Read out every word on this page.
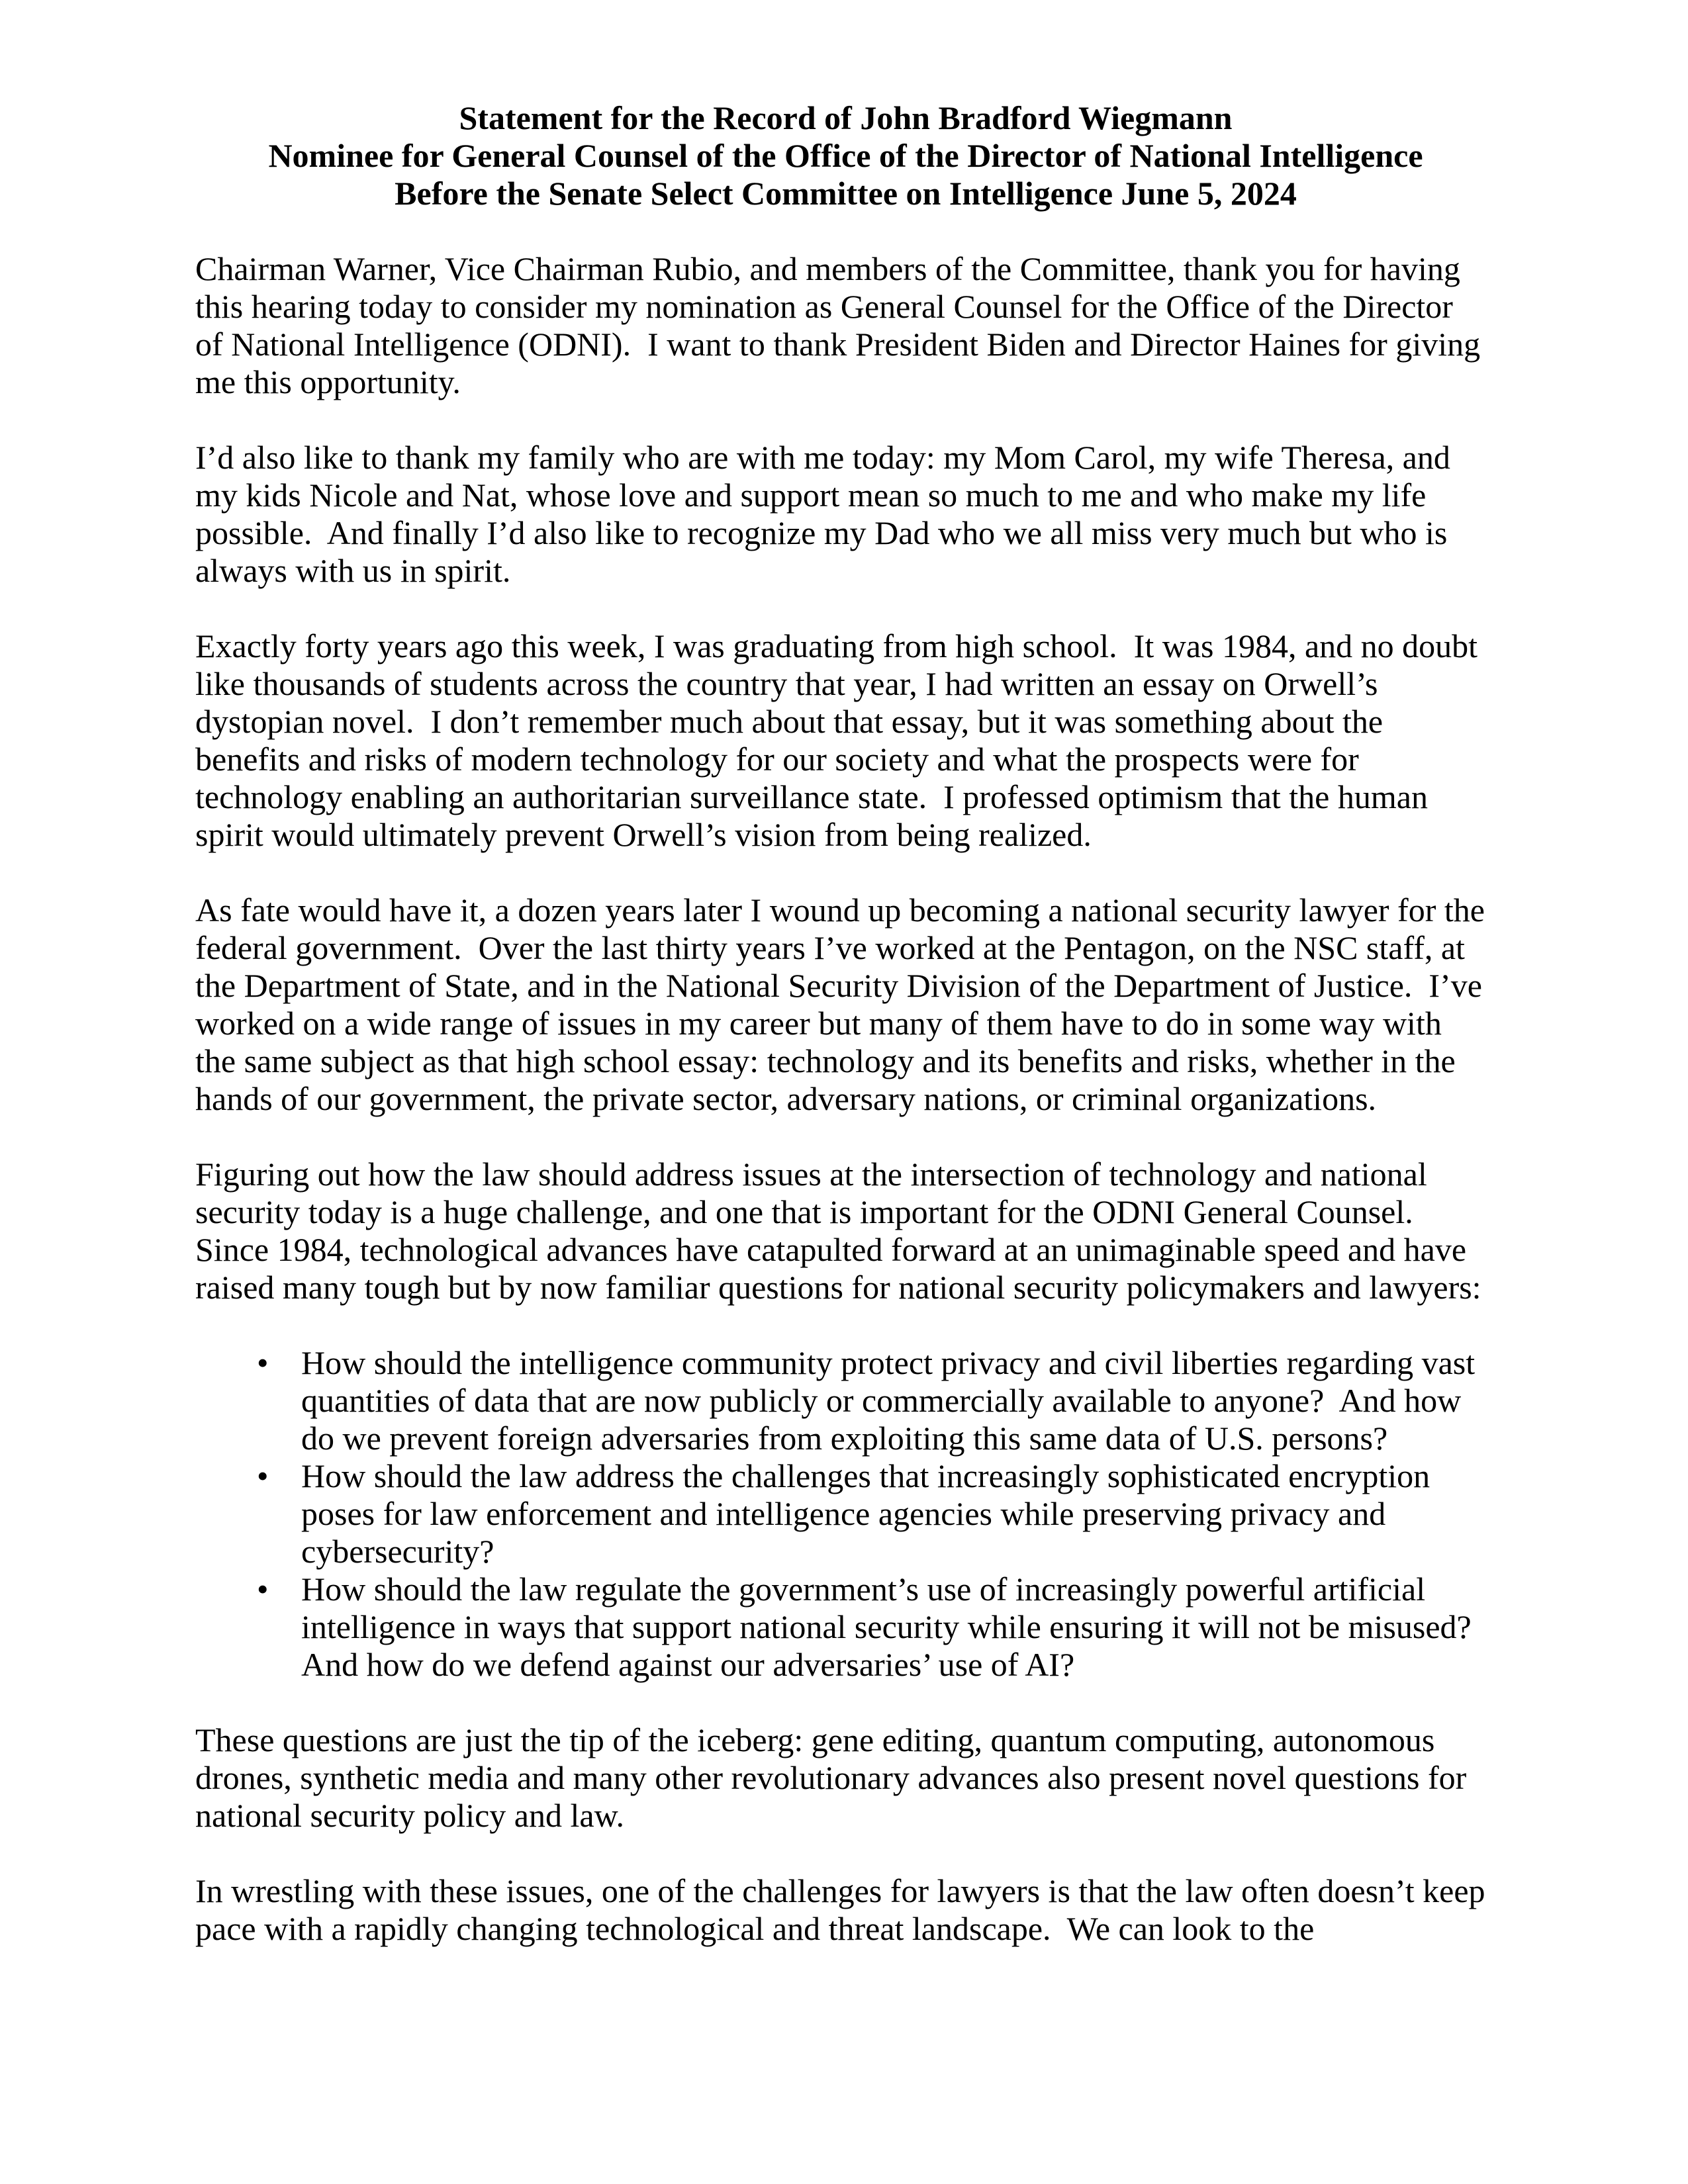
Statement for the Record of John Bradford Wiegmann
Nominee for General Counsel of the Office of the Director of National Intelligence
Before the Senate Select Committee on Intelligence June 5, 2024
Chairman Warner, Vice Chairman Rubio, and members of the Committee, thank you for having
this hearing today to consider my nomination as General Counsel for the Office of the Director
of National Intelligence (ODNI).  I want to thank President Biden and Director Haines for giving
me this opportunity.
I’d also like to thank my family who are with me today: my Mom Carol, my wife Theresa, and
my kids Nicole and Nat, whose love and support mean so much to me and who make my life
possible.  And finally I’d also like to recognize my Dad who we all miss very much but who is
always with us in spirit.
Exactly forty years ago this week, I was graduating from high school.  It was 1984, and no doubt
like thousands of students across the country that year, I had written an essay on Orwell’s
dystopian novel.  I don’t remember much about that essay, but it was something about the
benefits and risks of modern technology for our society and what the prospects were for
technology enabling an authoritarian surveillance state.  I professed optimism that the human
spirit would ultimately prevent Orwell’s vision from being realized.
As fate would have it, a dozen years later I wound up becoming a national security lawyer for the
federal government.  Over the last thirty years I’ve worked at the Pentagon, on the NSC staff, at
the Department of State, and in the National Security Division of the Department of Justice.  I’ve
worked on a wide range of issues in my career but many of them have to do in some way with
the same subject as that high school essay: technology and its benefits and risks, whether in the
hands of our government, the private sector, adversary nations, or criminal organizations.
Figuring out how the law should address issues at the intersection of technology and national
security today is a huge challenge, and one that is important for the ODNI General Counsel.
Since 1984, technological advances have catapulted forward at an unimaginable speed and have
raised many tough but by now familiar questions for national security policymakers and lawyers:
• How should the intelligence community protect privacy and civil liberties regarding vast
quantities of data that are now publicly or commercially available to anyone?  And how
do we prevent foreign adversaries from exploiting this same data of U.S. persons?
• How should the law address the challenges that increasingly sophisticated encryption
poses for law enforcement and intelligence agencies while preserving privacy and
cybersecurity?
• How should the law regulate the government’s use of increasingly powerful artificial
intelligence in ways that support national security while ensuring it will not be misused?
And how do we defend against our adversaries’ use of AI?
These questions are just the tip of the iceberg: gene editing, quantum computing, autonomous
drones, synthetic media and many other revolutionary advances also present novel questions for
national security policy and law.
In wrestling with these issues, one of the challenges for lawyers is that the law often doesn’t keep
pace with a rapidly changing technological and threat landscape.  We can look to the
